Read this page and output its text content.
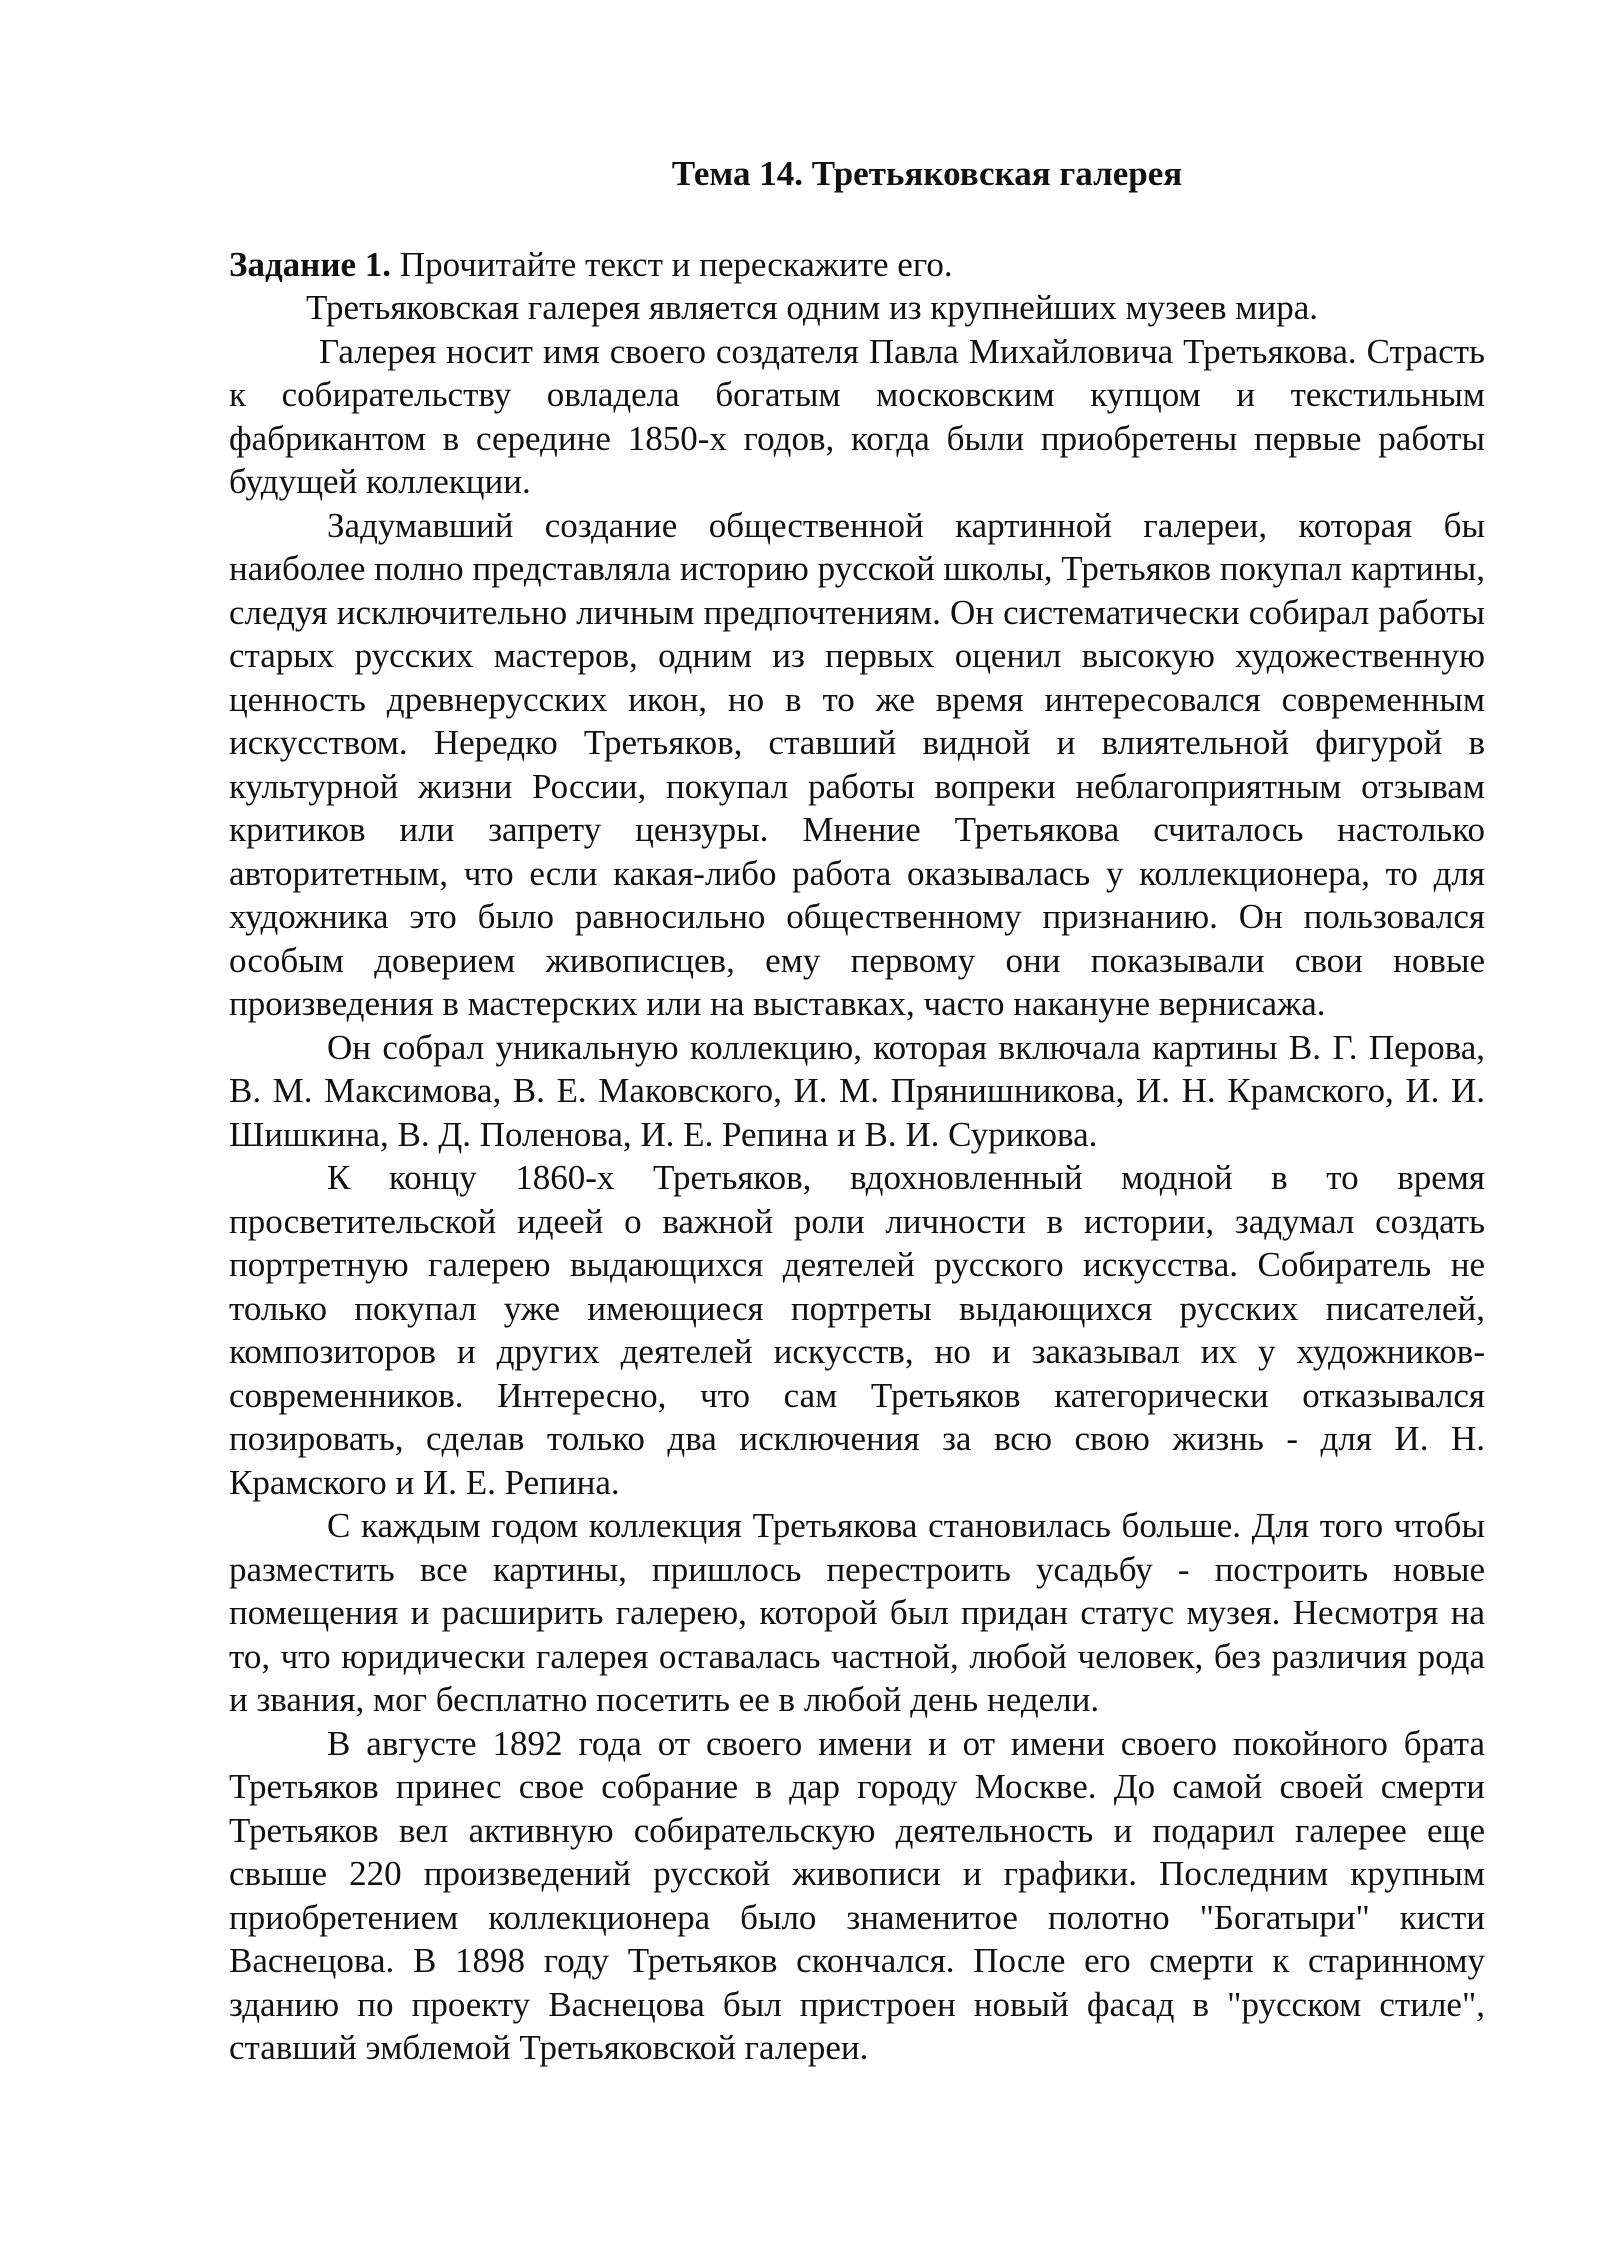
Тема 14. Третьяковская галерея

Задание 1. Прочитайте текст и перескажите его.

Третьяковская галерея является одним из крупнейших музеев мира.

Галерея носит имя своего создателя Павла Михайловича Третьякова. Страсть к собирательству овладела богатым московским купцом и текстильным фабрикантом в середине 1850-х годов, когда были приобретены первые работы будущей коллекции.

Задумавший создание общественной картинной галереи, которая бы наиболее полно представляла историю русской школы, Третьяков покупал картины, следуя исключительно личным предпочтениям. Он систематически собирал работы старых русских мастеров, одним из первых оценил высокую художественную ценность древнерусских икон, но в то же время интересовался современным искусством. Нередко Третьяков, ставший видной и влиятельной фигурой в культурной жизни России, покупал работы вопреки неблагоприятным отзывам критиков или запрету цензуры. Мнение Третьякова считалось настолько авторитетным, что если какая-либо работа оказывалась у коллекционера, то для художника это было равносильно общественному признанию. Он пользовался особым доверием живописцев, ему первому они показывали свои новые произведения в мастерских или на выставках, часто накануне вернисажа.

Он собрал уникальную коллекцию, которая включала картины В. Г. Перова, В. М. Максимова, В. Е. Маковского, И. М. Прянишникова, И. Н. Крамского, И. И. Шишкина, В. Д. Поленова, И. Е. Репина и В. И. Сурикова.

К концу 1860-х Третьяков, вдохновленный модной в то время просветительской идеей о важной роли личности в истории, задумал создать портретную галерею выдающихся деятелей русского искусства. Собиратель не только покупал уже имеющиеся портреты выдающихся русских писателей, композиторов и других деятелей искусств, но и заказывал их у художников-современников. Интересно, что сам Третьяков категорически отказывался позировать, сделав только два исключения за всю свою жизнь - для И. Н. Крамского и И. Е. Репина.

С каждым годом коллекция Третьякова становилась больше. Для того чтобы разместить все картины, пришлось перестроить усадьбу - построить новые помещения и расширить галерею, которой был придан статус музея. Несмотря на то, что юридически галерея оставалась частной, любой человек, без различия рода и звания, мог бесплатно посетить ее в любой день недели.

В августе 1892 года от своего имени и от имени своего покойного брата Третьяков принес свое собрание в дар городу Москве. До самой своей смерти Третьяков вел активную собирательскую деятельность и подарил галерее еще свыше 220 произведений русской живописи и графики. Последним крупным приобретением коллекционера было знаменитое полотно "Богатыри" кисти Васнецова. В 1898 году Третьяков скончался. После его смерти к старинному зданию по проекту Васнецова был пристроен новый фасад в "русском стиле", ставший эмблемой Третьяковской галереи.
